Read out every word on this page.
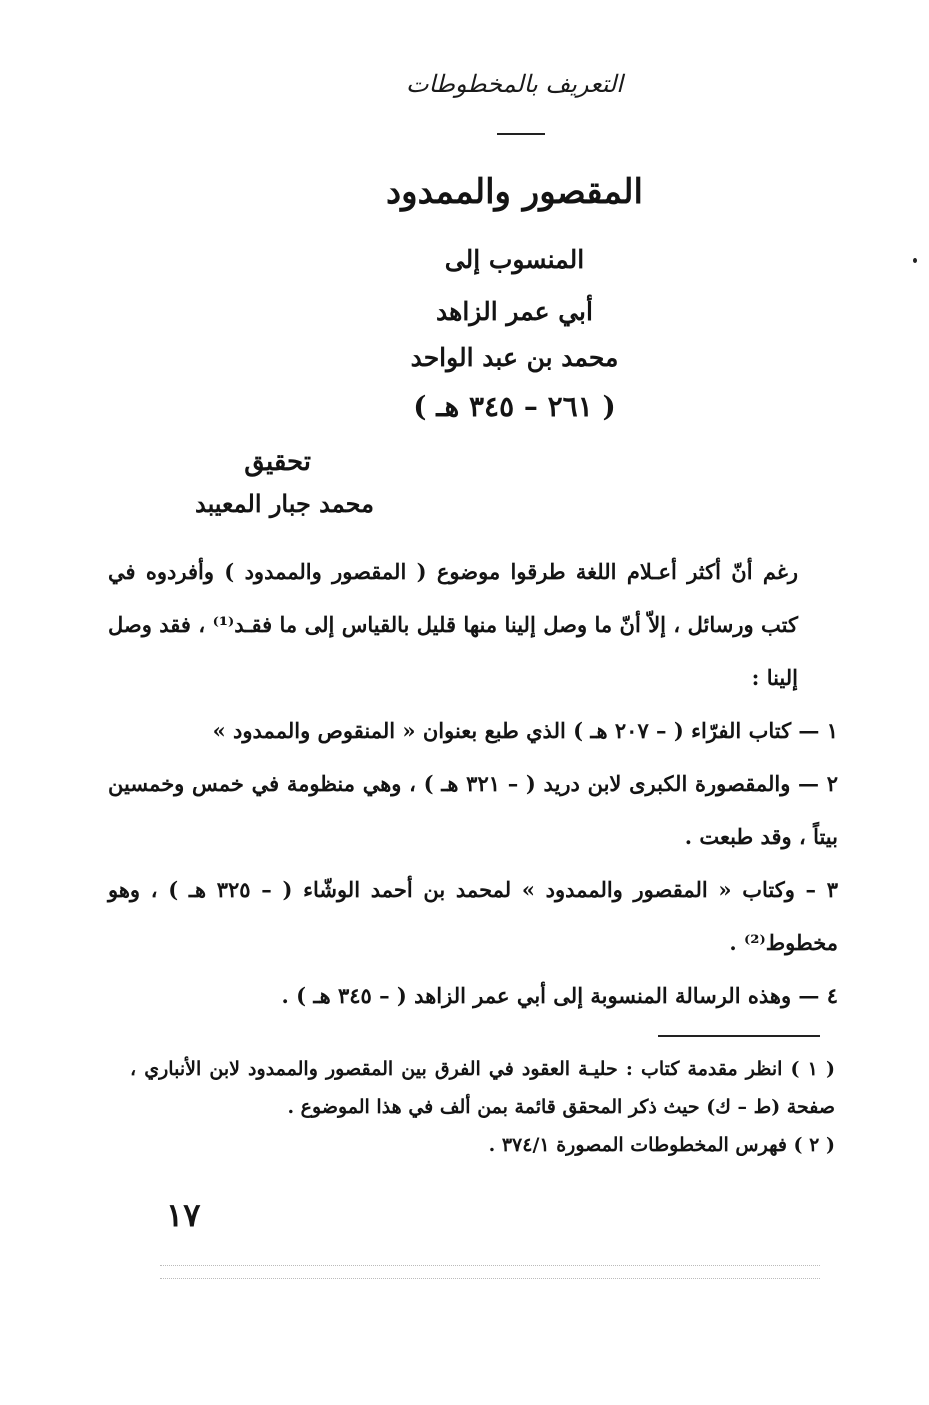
التعريف بالمخطوطات
المقصور والممدود
المنسوب إلى
أبي عمر الزاهد
محمد بن عبد الواحد
( ٢٦١ – ٣٤٥ هـ )
تحقيق
محمد جبار المعيبد

رغم أنّ أكثر أعـلام اللغة طرقوا موضوع ( المقصور والممدود ) وأفردوه في كتب ورسائل ، إلاّ أنّ ما وصل إلينا منها قليل بالقياس إلى ما فقـد⁽¹⁾ ، فقد وصل إلينا :

١ — كتاب الفرّاء ( – ٢٠٧ هـ ) الذي طبع بعنوان « المنقوص والممدود »

٢ — والمقصورة الكبرى لابن دريد ( – ٣٢١ هـ ) ، وهي منظومة في خمس وخمسين بيتاً ، وقد طبعت .

٣ – وكتاب « المقصور والممدود » لمحمد بن أحمد الوشّاء ( – ٣٢٥ هـ ) ، وهو مخطوط⁽²⁾ .

٤ — وهذه الرسالة المنسوبة إلى أبي عمر الزاهد ( – ٣٤٥ هـ ) .

( ١ ) انظر مقدمة كتاب : حليـة العقود في الفرق بين المقصور والممدود لابن الأنباري ، صفحة (ط – ك) حيث ذكر المحقق قائمة بمن ألف في هذا الموضوع .

( ٢ ) فهرس المخطوطات المصورة ٣٧٤/١ .

١٧
